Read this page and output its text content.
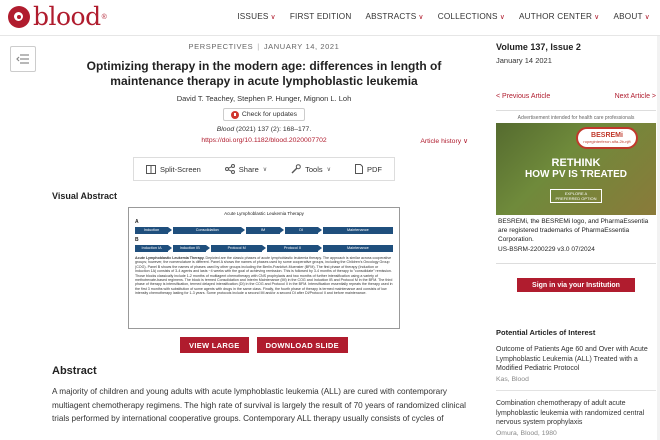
blood ®	ISSUES ∨ FIRST EDITION ABSTRACTS ∨ COLLECTIONS ∨ AUTHOR CENTER ∨ ABOUT ∨
PERSPECTIVES | JANUARY 14, 2021
Optimizing therapy in the modern age: differences in length of maintenance therapy in acute lymphoblastic leukemia
David T. Teachey, Stephen P. Hunger, Mignon L. Loh
Check for updates
Blood (2021) 137 (2): 168–177.
https://doi.org/10.1182/blood.2020007702	Article history ∨
Split-Screen	Share ∨	Tools ∨	PDF
Visual Abstract
Acute Lymphoblastic Leukemia Therapy
A
Induction	Consolidation	IM	DI	Maintenance
B
Induction IA	Induction IB	Protocol M	Protocol II	Maintenance
Acute Lymphoblastic Leukemia Therapy. Depicted are the classic phases of acute lymphoblastic leukemia therapy. The approach is similar across cooperative groups; however, the nomenclature is different. Panel A shows the names of phases used by some cooperative groups, including the Children's Oncology Group (COG). Panel B shows the names of phases used by other groups including the Berlin-Frankfurt-Muenster (BFM). The first phase of therapy (Induction or Induction 1A) consists of 3-4 agents and lasts ~4 weeks with the goal of achieving remission. This is followed by 3-4 months of therapy to "consolidate" remission. Those blocks classically include 1-2 months of multiagent chemotherapy with CNS prophylaxis and two months of further intensification using a variety of methotrexate-based regimens. The block is termed Consolidation and Interim Maintenance (IM) in the COG and Induction IB and Protocol M in the BFM. The third phase of therapy is intensification, termed delayed intensification (DI) in the COG and Protocol II in the BFM. Intensification essentially repeats the therapy used in the first 3 months with substitution of some agents with drugs in the same class. Finally, the fourth phase of therapy is termed maintenance and consists of low intensity chemotherapy lasting for 1-3 years. Some protocols include a second IM and/or a second DI after DI/Protocol II and before maintenance.
VIEW LARGE	DOWNLOAD SLIDE
Abstract
A majority of children and young adults with acute lymphoblastic leukemia (ALL) are cured with contemporary multiagent chemotherapy regimens. The high rate of survival is largely the result of 70 years of randomized clinical trials performed by international cooperative groups. Contemporary ALL therapy usually consists of cycles of
Volume 137, Issue 2
January 14 2021
< Previous Article	Next Article >
Advertisement intended for health care professionals
BESREMi
ropeginterferon alfa-2b-njft
RETHINK
HOW PV IS TREATED
EXPLORE A
PREFERRED OPTION
BESREMi, the BESREMi logo, and PharmaEssentia are registered trademarks of PharmaEssentia Corporation.
US-BSRM-2200229 v3.0 07/2024
Sign in via your Institution
Potential Articles of Interest
Outcome of Patients Age 60 and Over with Acute Lymphoblastic Leukemia (ALL) Treated with a Modified Pediatric Protocol
Kas, Blood
Combination chemotherapy of adult acute lymphoblastic leukemia with randomized central nervous system prophylaxis
Omura, Blood, 1980
